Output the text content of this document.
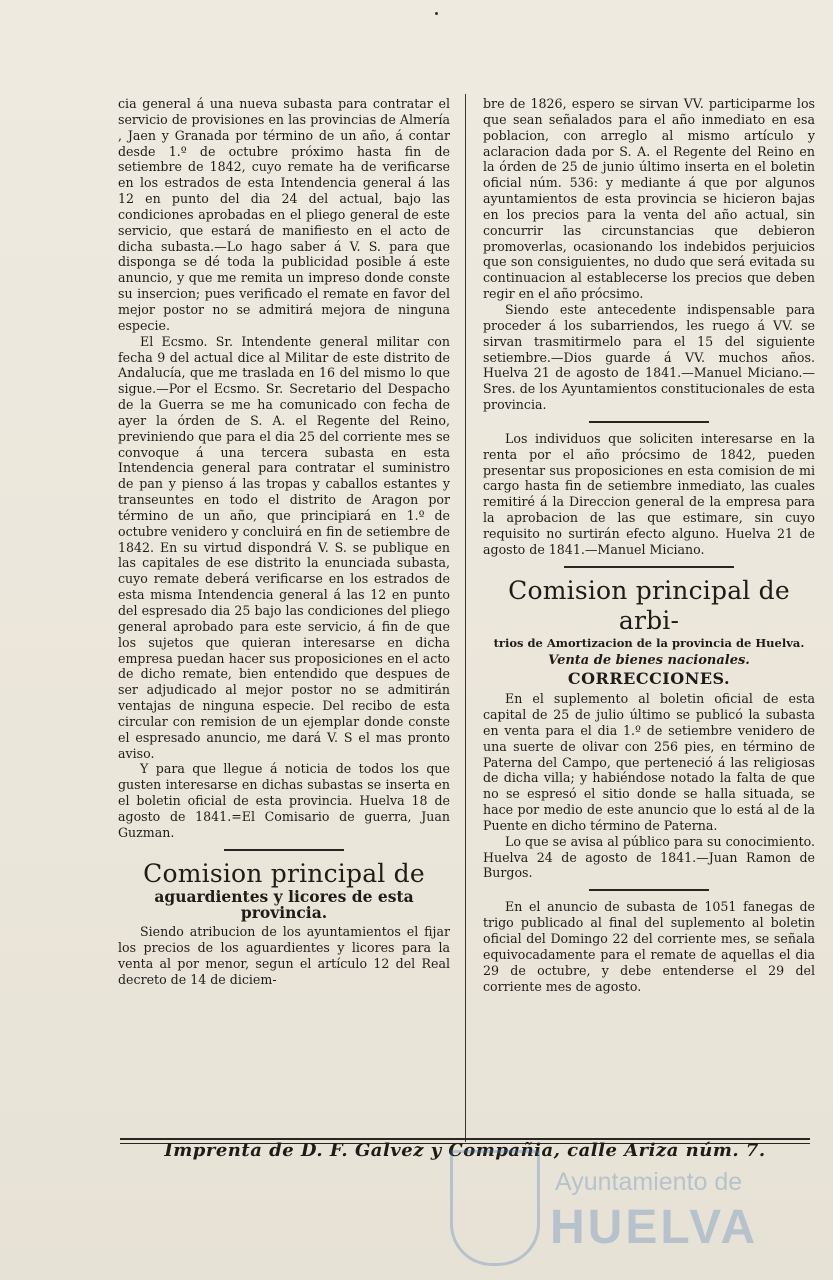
cia general á una nueva subasta para contratar el servicio de provisiones en las provincias de Almería , Jaen y Granada por término de un año, á contar desde 1.º de octubre próximo hasta fin de setiembre de 1842, cuyo remate ha de verificarse en los estrados de esta Intendencia general á las 12 en punto del dia 24 del actual, bajo las condiciones aprobadas en el pliego general de este servicio, que estará de manifiesto en el acto de dicha subasta.—Lo hago saber á V. S. para que disponga se dé toda la publicidad posible á este anuncio, y que me remita un impreso donde conste su insercion; pues verificado el remate en favor del mejor postor no se admitirá mejora de ninguna especie.

El Ecsmo. Sr. Intendente general militar con fecha 9 del actual dice al Militar de este distrito de Andalucía, que me traslada en 16 del mismo lo que sigue.—Por el Ecsmo. Sr. Secretario del Despacho de la Guerra se me ha comunicado con fecha de ayer la órden de S. A. el Regente del Reino, previniendo que para el dia 25 del corriente mes se convoque á una tercera subasta en esta Intendencia general para contratar el suministro de pan y pienso á las tropas y caballos estantes y transeuntes en todo el distrito de Aragon por término de un año, que principiará en 1.º de octubre venidero y concluirá en fin de setiembre de 1842. En su virtud dispondrá V. S. se publique en las capitales de ese distrito la enunciada subasta, cuyo remate deberá verificarse en los estrados de esta misma Intendencia general á las 12 en punto del espresado dia 25 bajo las condiciones del pliego general aprobado para este servicio, á fin de que los sujetos que quieran interesarse en dicha empresa puedan hacer sus proposiciones en el acto de dicho remate, bien entendido que despues de ser adjudicado al mejor postor no se admitirán ventajas de ninguna especie. Del recibo de esta circular con remision de un ejemplar donde conste el espresado anuncio, me dará V. S el mas pronto aviso.

Y para que llegue á noticia de todos los que gusten interesarse en dichas subastas se inserta en el boletin oficial de esta provincia. Huelva 18 de agosto de 1841.=El Comisario de guerra, Juan Guzman.

Comision principal de
aguardientes y licores de esta provincia.

Siendo atribucion de los ayuntamientos el fijar los precios de los aguardientes y licores para la venta al por menor, segun el artículo 12 del Real decreto de 14 de diciem-

bre de 1826, espero se sirvan VV. participarme los que sean señalados para el año inmediato en esa poblacion, con arreglo al mismo artículo y aclaracion dada por S. A. el Regente del Reino en la órden de 25 de junio último inserta en el boletin oficial núm. 536: y mediante á que por algunos ayuntamientos de esta provincia se hicieron bajas en los precios para la venta del año actual, sin concurrir las circunstancias que debieron promoverlas, ocasionando los indebidos perjuicios que son consiguientes, no dudo que será evitada su continuacion al establecerse los precios que deben regir en el año prócsimo.

Siendo este antecedente indispensable para proceder á los subarriendos, les ruego á VV. se sirvan trasmitirmelo para el 15 del siguiente setiembre.—Dios guarde á VV. muchos años. Huelva 21 de agosto de 1841.—Manuel Miciano.—Sres. de los Ayuntamientos constitucionales de esta provincia.

Los individuos que soliciten interesarse en la renta por el año prócsimo de 1842, pueden presentar sus proposiciones en esta comision de mi cargo hasta fin de setiembre inmediato, las cuales remitiré á la Direccion general de la empresa para la aprobacion de las que estimare, sin cuyo requisito no surtirán efecto alguno. Huelva 21 de agosto de 1841.—Manuel Miciano.

Comision principal de arbi-
trios de Amortizacion de la provincia de Huelva.
Venta de bienes nacionales.
CORRECCIONES.

En el suplemento al boletin oficial de esta capital de 25 de julio último se publicó la subasta en venta para el dia 1.º de setiembre venidero de una suerte de olivar con 256 pies, en término de Paterna del Campo, que perteneció á las religiosas de dicha villa; y habiéndose notado la falta de que no se espresó el sitio donde se halla situada, se hace por medio de este anuncio que lo está al de la Puente en dicho término de Paterna.

Lo que se avisa al público para su conocimiento. Huelva 24 de agosto de 1841.—Juan Ramon de Burgos.

En el anuncio de subasta de 1051 fanegas de trigo publicado al final del suplemento al boletin oficial del Domingo 22 del corriente mes, se señala equivocadamente para el remate de aquellas el dia 29 de octubre, y debe entenderse el 29 del corriente mes de agosto.

Imprenta de D. F. Galvez y Compañia, calle Ariza núm. 7.
Ayuntamiento de
HUELVA
